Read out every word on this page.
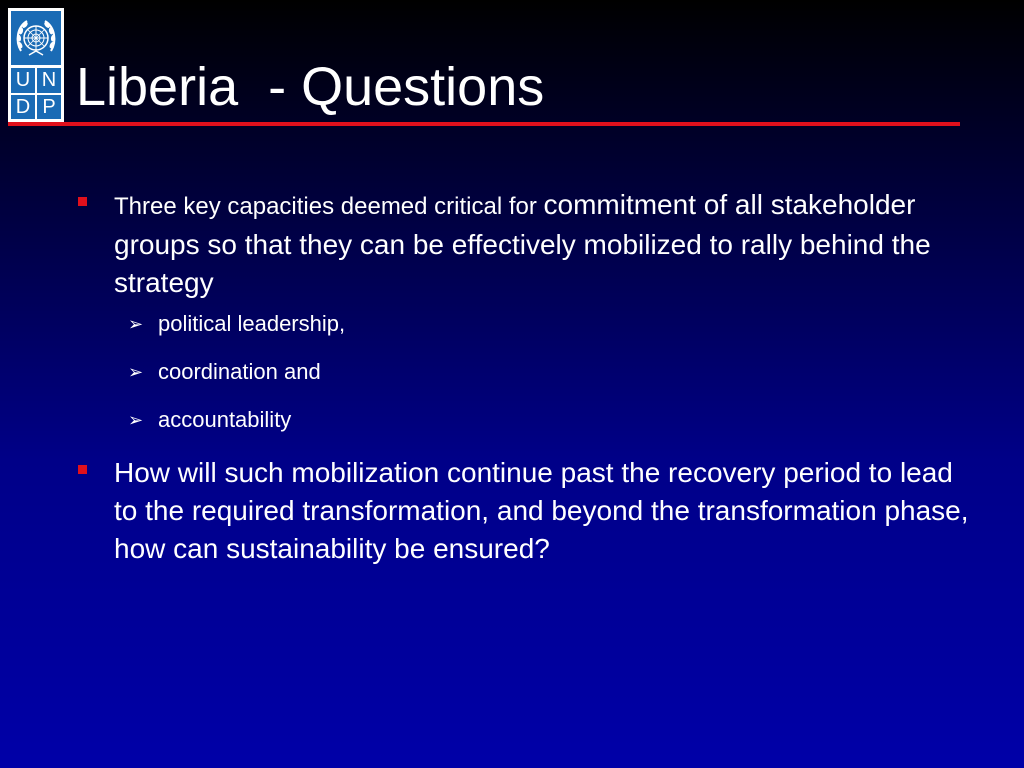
U N
D P Liberia  - Questions
Three key capacities deemed critical for commitment of all stakeholder groups so that they can be effectively mobilized to rally behind the strategy
➢ political leadership,
➢ coordination and
➢ accountability
How will such mobilization continue past the recovery period to lead to the required transformation, and beyond the transformation phase, how can sustainability be ensured?
